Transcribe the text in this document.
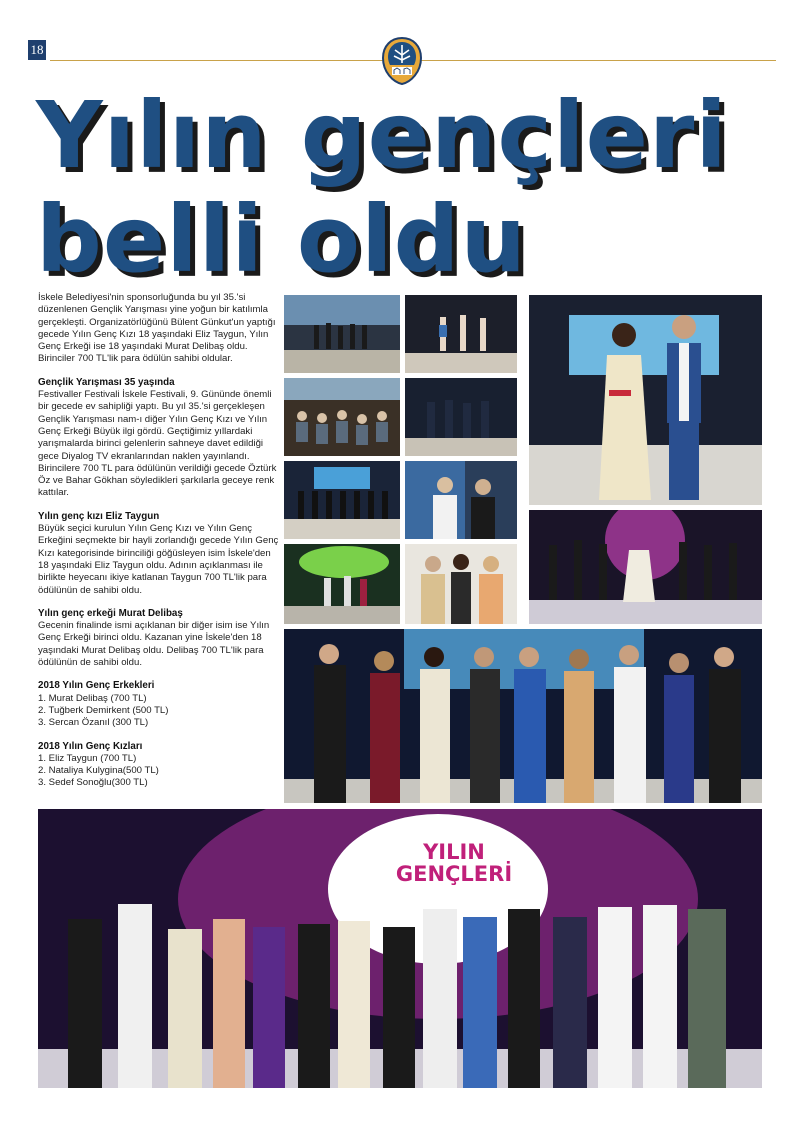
18
Yılın gençleri
belli oldu

İskele Belediyesi'nin sponsorluğunda bu yıl 35.'si düzenlenen Gençlik Yarışması yine yoğun bir katılımla gerçekleşti. Organizatörlüğünü Bülent Günkut'un yaptığı gecede Yılın Genç Kızı 18 yaşındaki Eliz Taygun, Yılın Genç Erkeği ise 18 yaşındaki Murat Delibaş oldu. Birinciler 700 TL'lik para ödülün sahibi oldular.

Gençlik Yarışması 35 yaşında

Festivaller Festivali İskele Festivali, 9. Gününde önemli bir gecede ev sahipliği yaptı. Bu yıl 35.'si gerçekleşen Gençlik Yarışması nam-ı diğer Yılın Genç Kızı ve Yılın Genç Erkeği Büyük ilgi gördü. Geçtiğimiz yıllardaki yarışmalarda birinci gelenlerin sahneye davet edildiği gece Diyalog TV ekranlarından naklen yayınlandı. Birincilere 700 TL para ödülünün verildiği gecede Öztürk Öz ve Bahar Gökhan söyledikleri şarkılarla geceye renk kattılar.

Yılın genç kızı Eliz Taygun

Büyük seçici kurulun Yılın Genç Kızı ve Yılın Genç Erkeğini seçmekte bir hayli zorlandığı gecede Yılın Genç Kızı kategorisinde birinciliği göğüsleyen isim İskele'den 18 yaşındaki Eliz Taygun oldu. Adının açıklanması ile birlikte heyecanı ikiye katlanan Taygun 700 TL'lik para ödülünün de sahibi oldu.

Yılın genç erkeği Murat Delibaş

Gecenin finalinde ismi açıklanan bir diğer isim ise Yılın Genç Erkeği birinci oldu. Kazanan yine İskele'den 18 yaşındaki Murat Delibaş oldu. Delibaş 700 TL'lik para ödülünün de sahibi oldu.

2018 Yılın Genç Erkekleri
1. Murat Delibaş (700 TL)
2. Tuğberk Demirkent (500 TL)
3. Sercan Özanıl (300 TL)
2018 Yılın Genç Kızları
1. Eliz Taygun (700 TL)
2. Nataliya Kulygina(500 TL)
3. Sedef Sonoğlu(300 TL)
YILIN
GENÇLERİ
